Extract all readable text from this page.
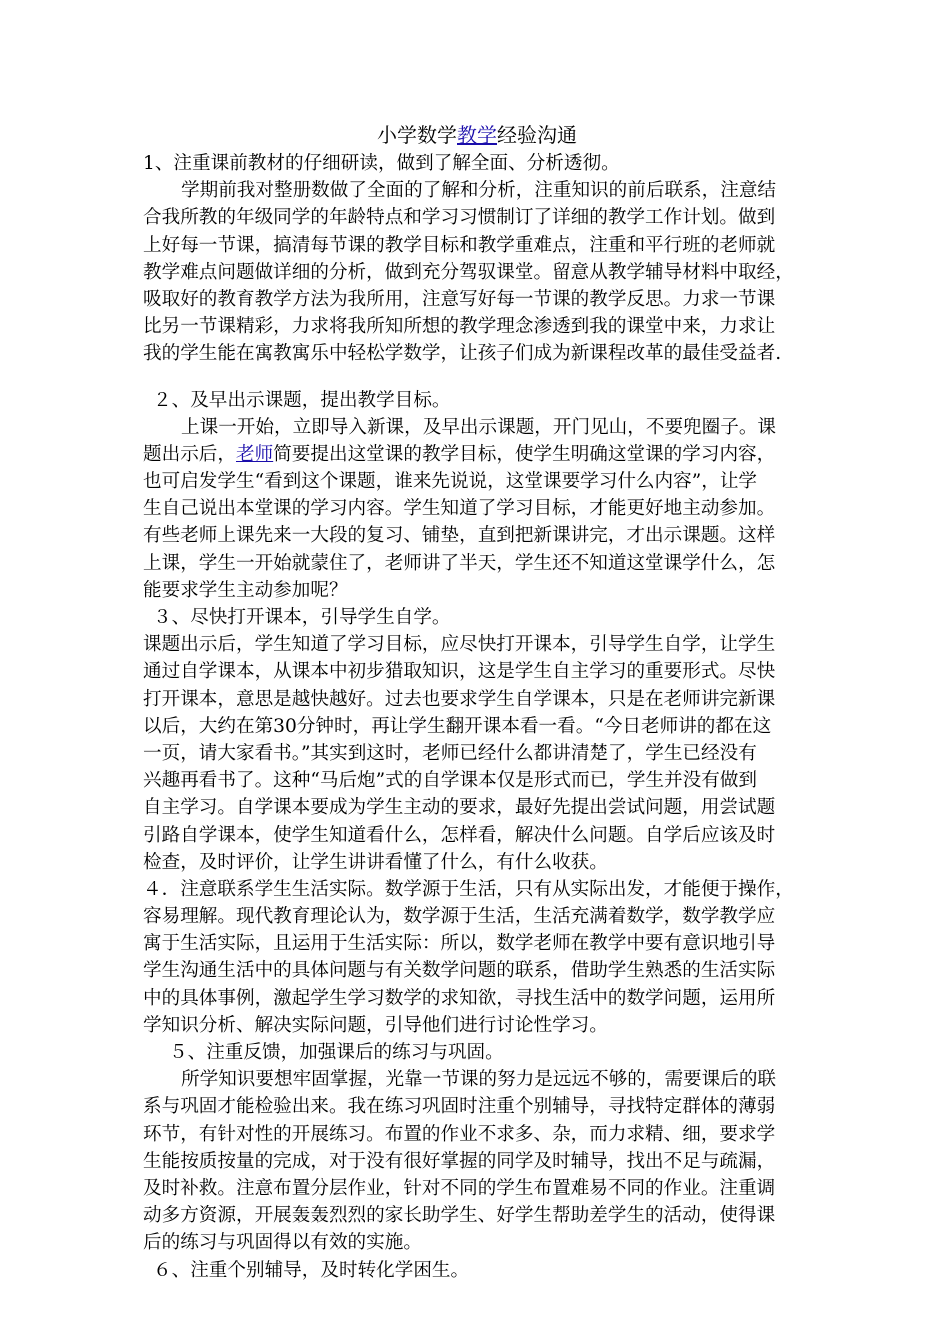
小学数学教学经验沟通
1、注重课前教材的仔细研读，做到了解全面、分析透彻。
学期前我对整册数做了全面的了解和分析，注重知识的前后联系，注意结
合我所教的年级同学的年龄特点和学习习惯制订了详细的教学工作计划。做到
上好每一节课，搞清每节课的教学目标和教学重难点，注重和平行班的老师就
教学难点问题做详细的分析，做到充分驾驭课堂。留意从教学辅导材料中取经，
吸取好的教育教学方法为我所用，注意写好每一节课的教学反思。力求一节课
比另一节课精彩，力求将我所知所想的教学理念渗透到我的课堂中来，力求让
我的学生能在寓教寓乐中轻松学数学，让孩子们成为新课程改革的最佳受益者.
２、及早出示课题，提出教学目标。
上课一开始，立即导入新课，及早出示课题，开门见山，不要兜圈子。课
题出示后，老师简要提出这堂课的教学目标，使学生明确这堂课的学习内容，
也可启发学生“看到这个课题，谁来先说说，这堂课要学习什么内容”，让学
生自己说出本堂课的学习内容。学生知道了学习目标，才能更好地主动参加。
有些老师上课先来一大段的复习、铺垫，直到把新课讲完，才出示课题。这样
上课，学生一开始就蒙住了，老师讲了半天，学生还不知道这堂课学什么，怎
能要求学生主动参加呢？
３、尽快打开课本，引导学生自学。
课题出示后，学生知道了学习目标，应尽快打开课本，引导学生自学，让学生
通过自学课本，从课本中初步猎取知识，这是学生自主学习的重要形式。尽快
打开课本，意思是越快越好。过去也要求学生自学课本，只是在老师讲完新课
以后，大约在第30分钟时，再让学生翻开课本看一看。“今日老师讲的都在这
一页，请大家看书。”其实到这时，老师已经什么都讲清楚了，学生已经没有
兴趣再看书了。这种“马后炮”式的自学课本仅是形式而已，学生并没有做到
自主学习。自学课本要成为学生主动的要求，最好先提出尝试问题，用尝试题
引路自学课本，使学生知道看什么，怎样看，解决什么问题。自学后应该及时
检查，及时评价，让学生讲讲看懂了什么，有什么收获。
４．注意联系学生生活实际。数学源于生活，只有从实际出发，才能便于操作，
容易理解。现代教育理论认为，数学源于生活，生活充满着数学，数学教学应
寓于生活实际，且运用于生活实际：所以，数学老师在教学中要有意识地引导
学生沟通生活中的具体问题与有关数学问题的联系，借助学生熟悉的生活实际
中的具体事例，激起学生学习数学的求知欲，寻找生活中的数学问题，运用所
学知识分析、解决实际问题，引导他们进行讨论性学习。
５、注重反馈，加强课后的练习与巩固。
所学知识要想牢固掌握，光靠一节课的努力是远远不够的，需要课后的联
系与巩固才能检验出来。我在练习巩固时注重个别辅导，寻找特定群体的薄弱
环节，有针对性的开展练习。布置的作业不求多、杂，而力求精、细，要求学
生能按质按量的完成，对于没有很好掌握的同学及时辅导，找出不足与疏漏，
及时补救。注意布置分层作业，针对不同的学生布置难易不同的作业。注重调
动多方资源，开展轰轰烈烈的家长助学生、好学生帮助差学生的活动，使得课
后的练习与巩固得以有效的实施。
６、注重个别辅导，及时转化学困生。
